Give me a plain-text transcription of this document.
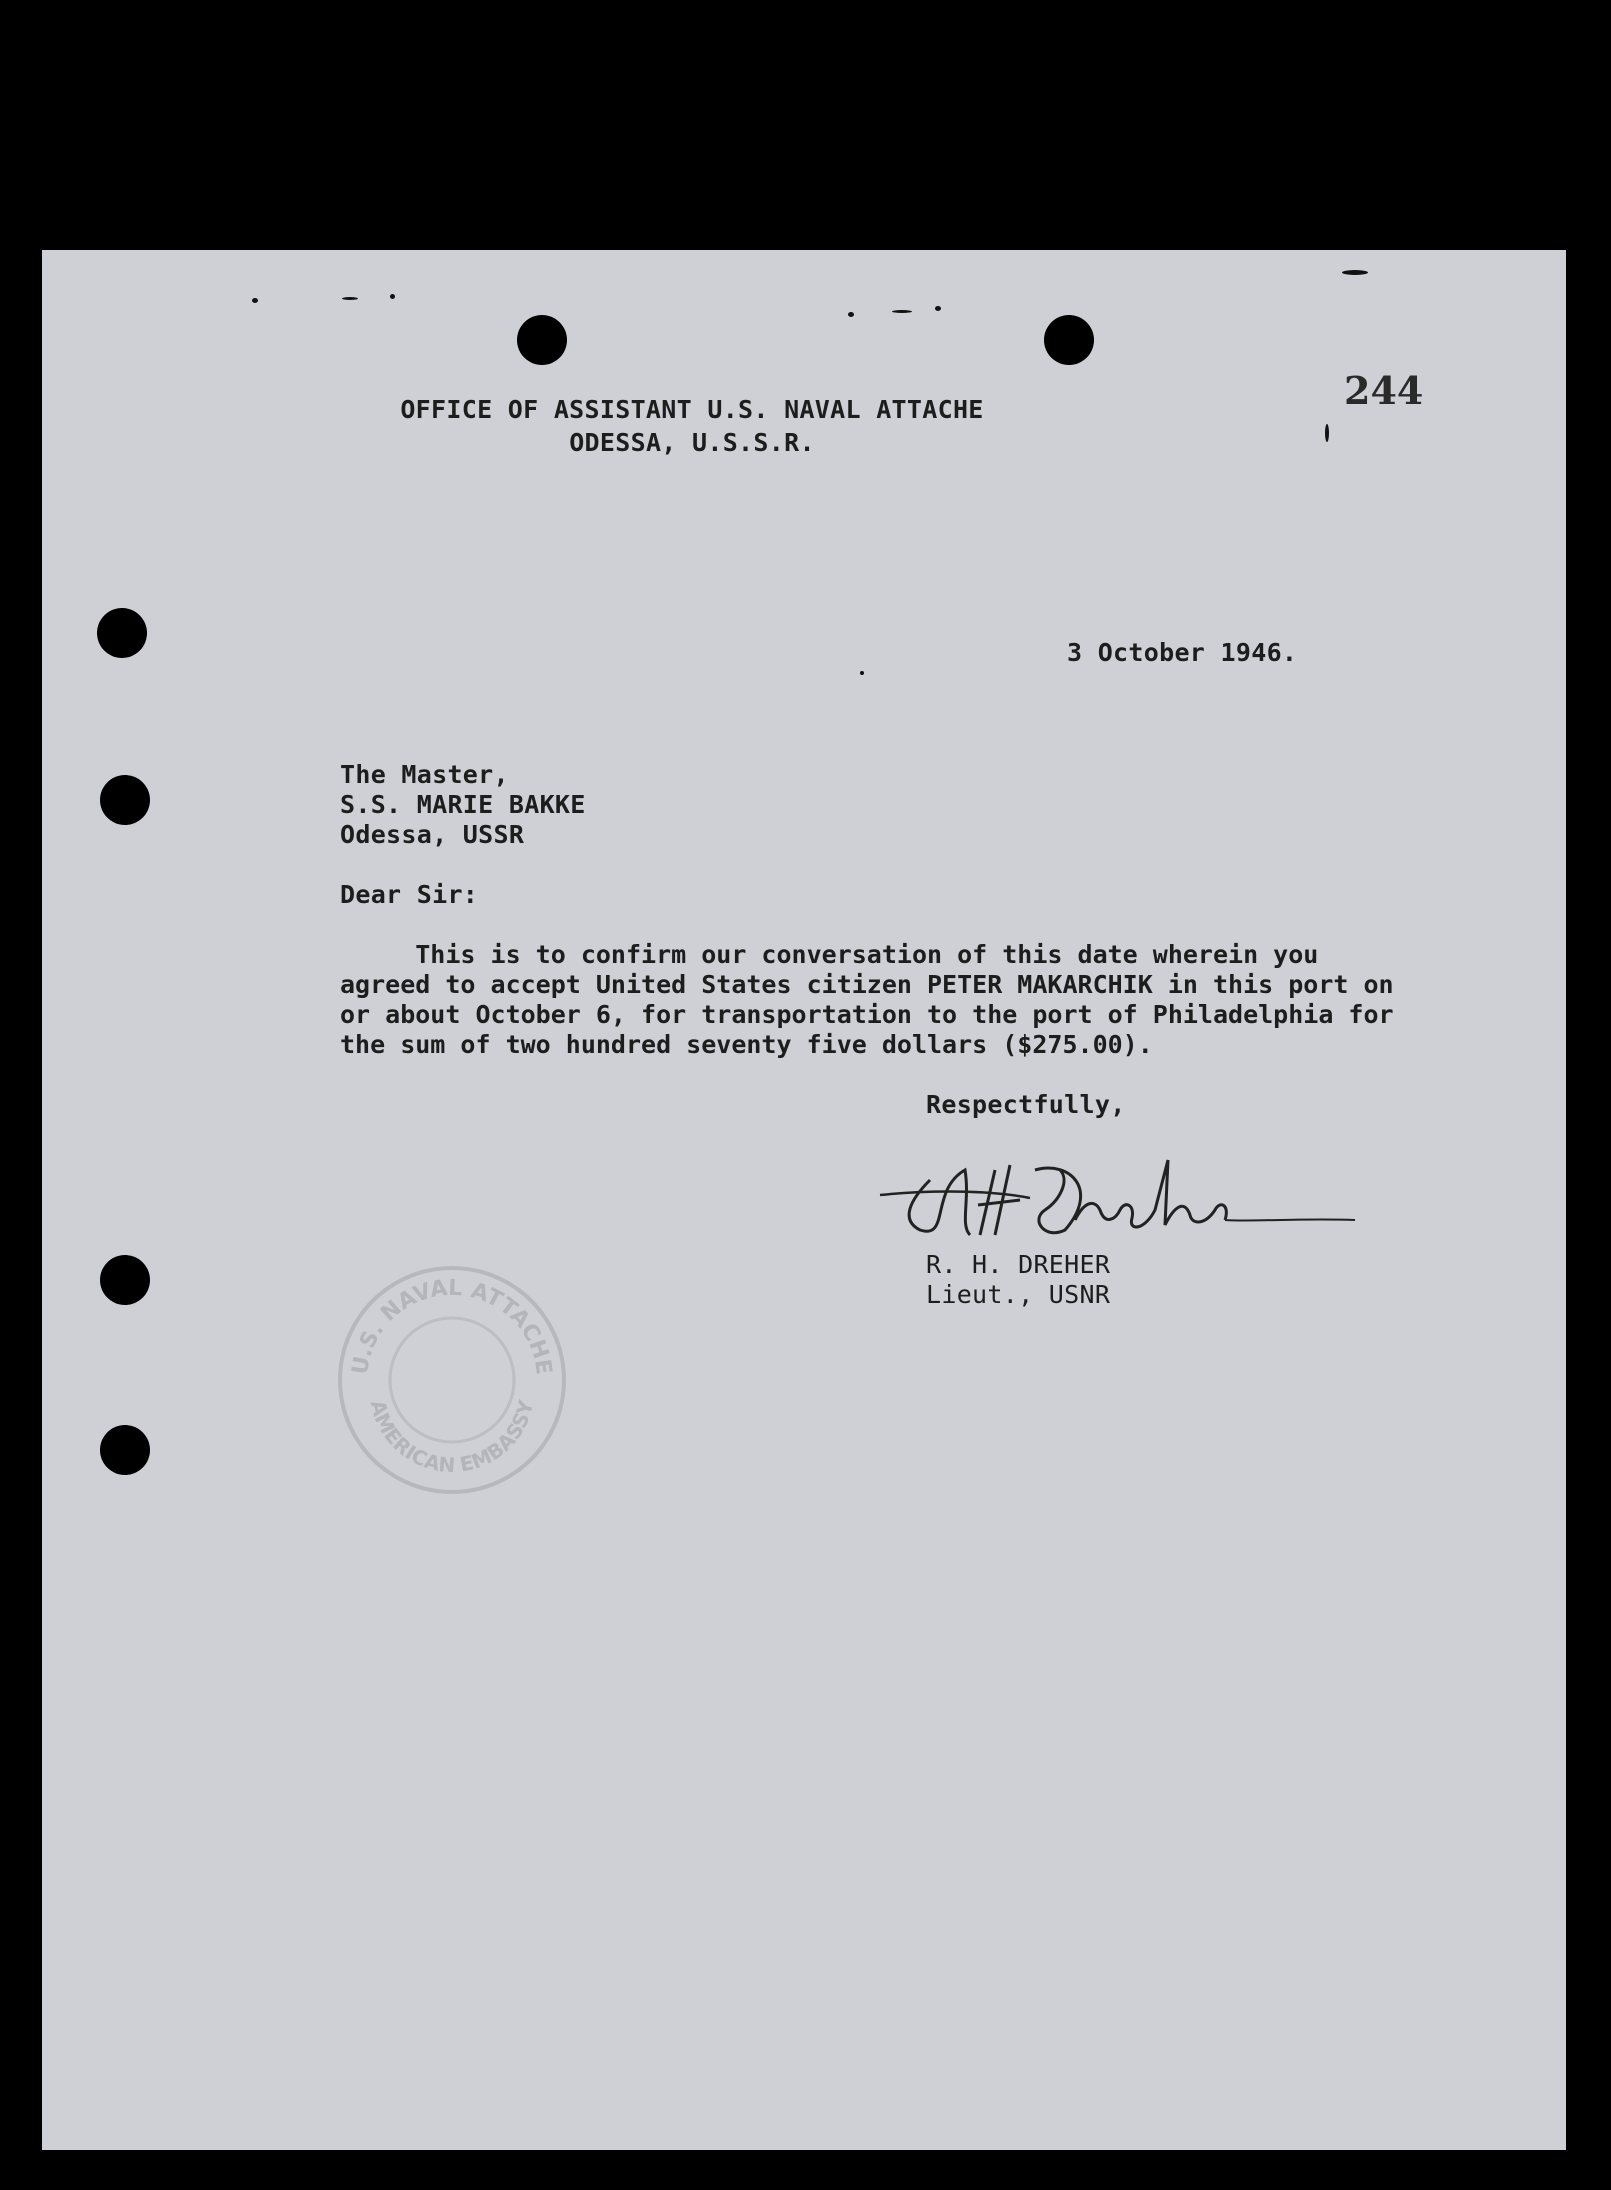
244
OFFICE OF ASSISTANT U.S. NAVAL ATTACHE
ODESSA, U.S.S.R.
3 October 1946.
The Master,
S.S. MARIE BAKKE
Odessa, USSR
Dear Sir:
This is to confirm our conversation of this date wherein you
agreed to accept United States citizen PETER MAKARCHIK in this port on
or about October 6, for transportation to the port of Philadelphia for
the sum of two hundred seventy five dollars ($275.00).
Respectfully,
R. H. DREHER
Lieut., USNR
U.S. NAVAL ATTACHE
AMERICAN EMBASSY
